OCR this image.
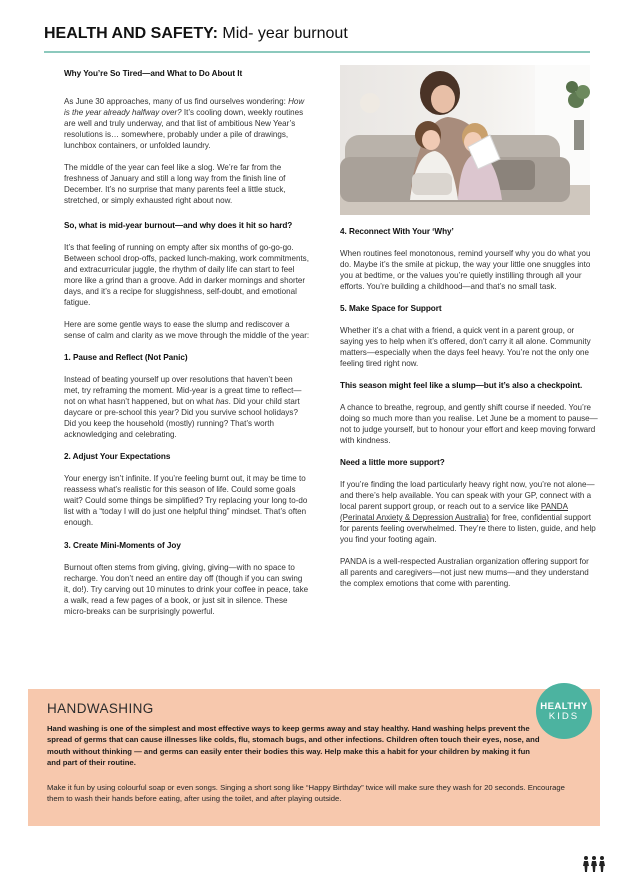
HEALTH AND SAFETY: Mid- year burnout
Why You’re So Tired—and What to Do About It

As June 30 approaches, many of us find ourselves wondering: How is the year already halfway over? It’s cooling down, weekly routines are well and truly underway, and that list of ambitious New Year’s resolutions is… somewhere, probably under a pile of drawings, lunchbox containers, or unfolded laundry.

The middle of the year can feel like a slog. We’re far from the freshness of January and still a long way from the finish line of December. It’s no surprise that many parents feel a little stuck, stretched, or simply exhausted right about now.

So, what is mid-year burnout—and why does it hit so hard?

It’s that feeling of running on empty after six months of go-go-go. Between school drop-offs, packed lunch-making, work commitments, and extracurricular juggle, the rhythm of daily life can start to feel more like a grind than a groove. Add in darker mornings and shorter days, and it’s a recipe for sluggishness, self-doubt, and emotional fatigue.

Here are some gentle ways to ease the slump and rediscover a sense of calm and clarity as we move through the middle of the year:

1. Pause and Reflect (Not Panic)

Instead of beating yourself up over resolutions that haven’t been met, try reframing the moment. Mid-year is a great time to reflect—not on what hasn’t happened, but on what has. Did your child start daycare or pre-school this year? Did you survive school holidays? Did you keep the household (mostly) running? That’s worth acknowledging and celebrating.

2. Adjust Your Expectations

Your energy isn’t infinite. If you’re feeling burnt out, it may be time to reassess what’s realistic for this season of life. Could some goals wait? Could some things be simplified? Try replacing your long to-do list with a “today I will do just one helpful thing” mindset. That’s often enough.

3. Create Mini-Moments of Joy

Burnout often stems from giving, giving, giving—with no space to recharge. You don’t need an entire day off (though if you can swing it, do!). Try carving out 10 minutes to drink your coffee in peace, take a walk, read a few pages of a book, or just sit in silence. These micro-breaks can be surprisingly powerful.

4. Reconnect With Your ‘Why’

When routines feel monotonous, remind yourself why you do what you do. Maybe it’s the smile at pickup, the way your little one snuggles into you at bedtime, or the values you’re quietly instilling through all your efforts. You’re building a childhood—and that’s no small task.

5. Make Space for Support

Whether it’s a chat with a friend, a quick vent in a parent group, or saying yes to help when it’s offered, don’t carry it all alone. Community matters—especially when the days feel heavy. You’re not the only one feeling tired right now.

This season might feel like a slump—but it’s also a checkpoint.

A chance to breathe, regroup, and gently shift course if needed. You’re doing so much more than you realise. Let June be a moment to pause—not to judge yourself, but to honour your effort and keep moving forward with kindness.

Need a little more support?

If you’re finding the load particularly heavy right now, you’re not alone—and there’s help available. You can speak with your GP, connect with a local parent support group, or reach out to a service like PANDA (Perinatal Anxiety & Depression Australia) for free, confidential support for parents feeling overwhelmed. They’re there to listen, guide, and help you find your footing again.

PANDA is a well-respected Australian organization offering support for all parents and caregivers—not just new mums—and they understand the complex emotions that come with parenting.

HANDWASHING
Hand washing is one of the simplest and most effective ways to keep germs away and stay healthy. Hand washing helps prevent the spread of germs that can cause illnesses like colds, flu, stomach bugs, and other infections. Children often touch their eyes, nose, and mouth without thinking — and germs can easily enter their bodies this way. Help make this a habit for your children by making it fun and part of their routine.
Make it fun by using colourful soap or even songs. Singing a short song like “Happy Birthday” twice will make sure they wash for 20 seconds. Encourage them to wash their hands before eating, after using the toilet, and after playing outside.
HEALTHY
KIDS
